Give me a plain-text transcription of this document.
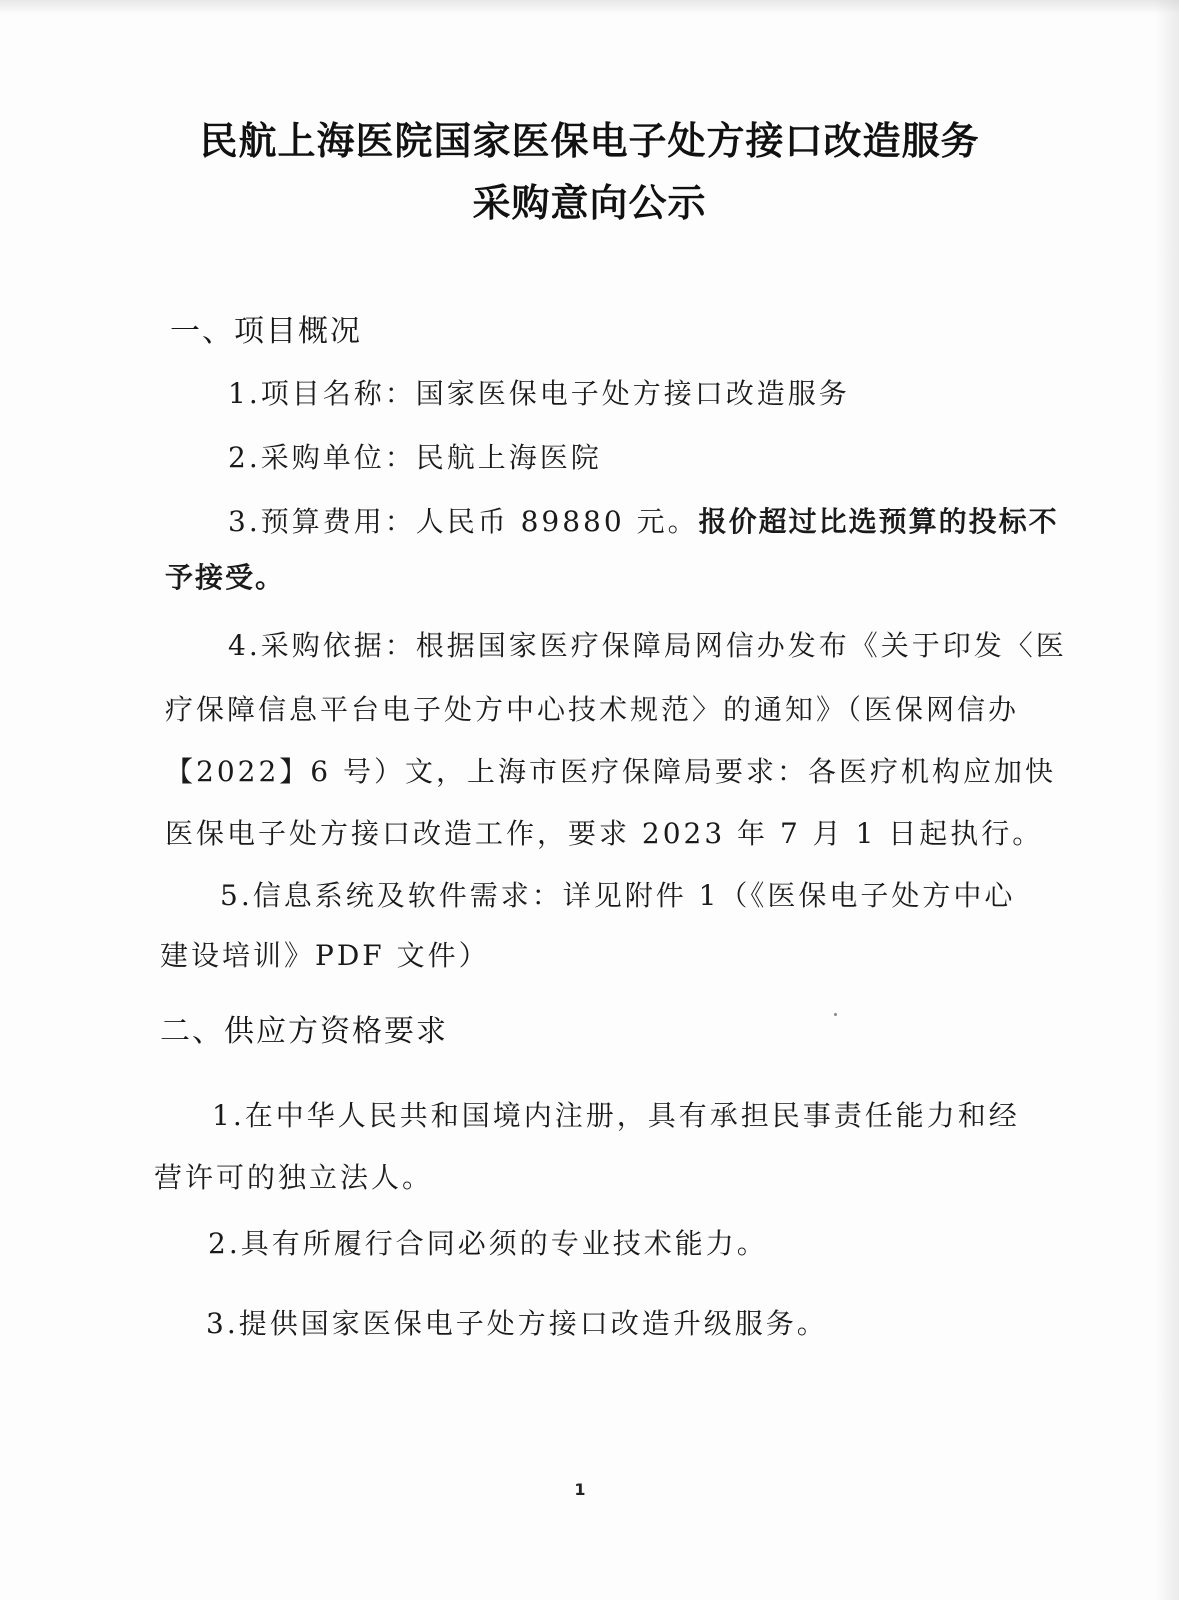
民航上海医院国家医保电子处方接口改造服务
采购意向公示
一、项目概况
1.项目名称：国家医保电子处方接口改造服务
2.采购单位：民航上海医院
3.预算费用：人民币 89880 元。报价超过比选预算的投标不
予接受。
4.采购依据：根据国家医疗保障局网信办发布《关于印发〈医
疗保障信息平台电子处方中心技术规范〉的通知》（医保网信办
【2022】6 号）文，上海市医疗保障局要求：各医疗机构应加快
医保电子处方接口改造工作，要求 2023 年 7 月 1 日起执行。
5.信息系统及软件需求：详见附件 1（《医保电子处方中心
建设培训》PDF 文件）
二、供应方资格要求
1.在中华人民共和国境内注册，具有承担民事责任能力和经
营许可的独立法人。
2.具有所履行合同必须的专业技术能力。
3.提供国家医保电子处方接口改造升级服务。
1
